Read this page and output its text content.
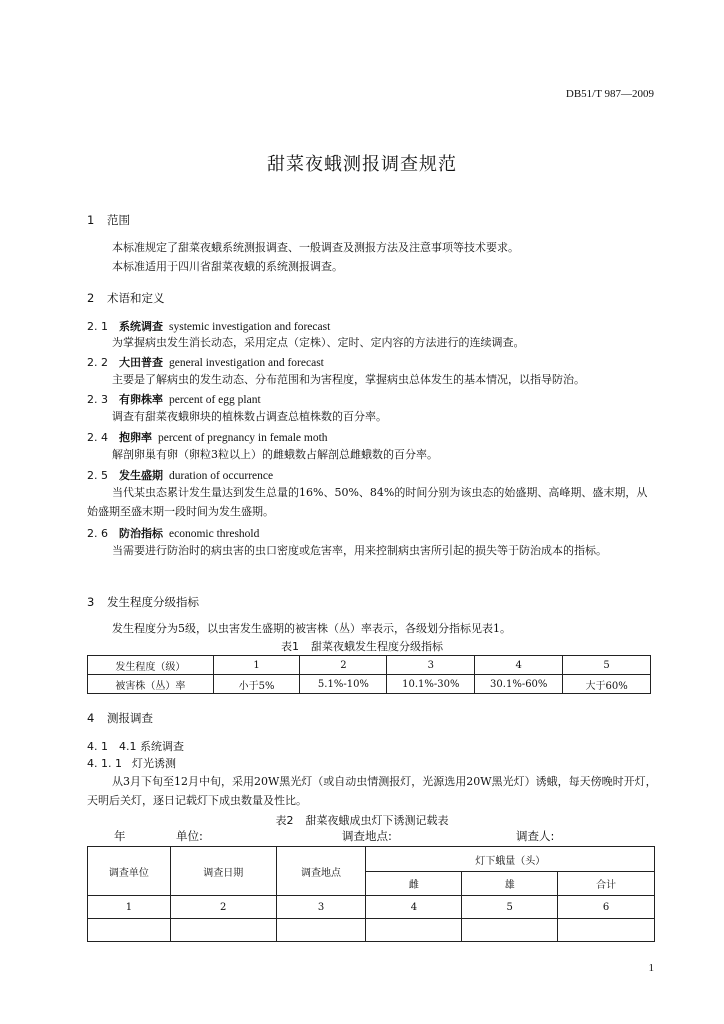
DB51/T 987—2009
甜菜夜蛾测报调查规范
1 范围
本标准规定了甜菜夜蛾系统测报调查、一般调查及测报方法及注意事项等技术要求。
本标准适用于四川省甜菜夜蛾的系统测报调查。
2 术语和定义
2. 1 系统调查 systemic investigation and forecast
为掌握病虫发生消长动态，采用定点（定株）、定时、定内容的方法进行的连续调查。
2. 2 大田普查 general investigation and forecast
主要是了解病虫的发生动态、分布范围和为害程度，掌握病虫总体发生的基本情况，以指导防治。
2. 3 有卵株率 percent of egg plant
调查有甜菜夜蛾卵块的植株数占调查总植株数的百分率。
2. 4 抱卵率 percent of pregnancy in female moth
解剖卵巢有卵（卵粒3粒以上）的雌蛾数占解剖总雌蛾数的百分率。
2. 5 发生盛期 duration of occurrence
当代某虫态累计发生量达到发生总量的16%、50%、84%的时间分别为该虫态的始盛期、高峰期、盛末期，从始盛期至盛末期一段时间为发生盛期。
2. 6 防治指标 economic threshold
当需要进行防治时的病虫害的虫口密度或危害率，用来控制病虫害所引起的损失等于防治成本的指标。
3 发生程度分级指标
发生程度分为5级，以虫害发生盛期的被害株（丛）率表示，各级划分指标见表1。
表1 甜菜夜蛾发生程度分级指标
发生程度（级）	1	2	3	4	5
被害株（丛）率	小于5%	5.1%-10%	10.1%-30%	30.1%-60%	大于60%
4 测报调查
4. 1 4.1 系统调查
4. 1. 1 灯光诱测
从3月下旬至12月中旬，采用20W黑光灯（或自动虫情测报灯，光源选用20W黑光灯）诱蛾，每天傍晚时开灯，天明后关灯，逐日记载灯下成虫数量及性比。
表2 甜菜夜蛾成虫灯下诱测记载表
年	单位:	调查地点:	调查人:
调查单位	调查日期	调查地点	灯下蛾量（头）		
			雌	雄	合计
1	2	3	4	5	6

1
